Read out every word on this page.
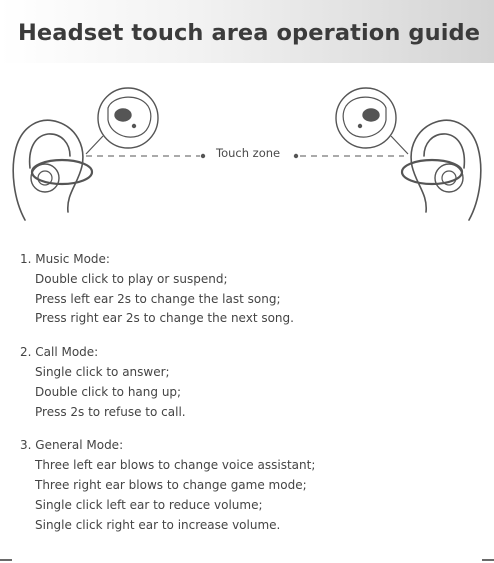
Headset touch area operation guide
Touch zone
1. Music Mode:
Double click to play or suspend;
Press left ear 2s to change the last song;
Press right ear 2s to change the next song.
2. Call Mode:
Single click to answer;
Double click to hang up;
Press 2s to refuse to call.
3. General Mode:
Three left ear blows to change voice assistant;
Three right ear blows to change game mode;
Single click left ear to reduce volume;
Single click right ear to increase volume.
